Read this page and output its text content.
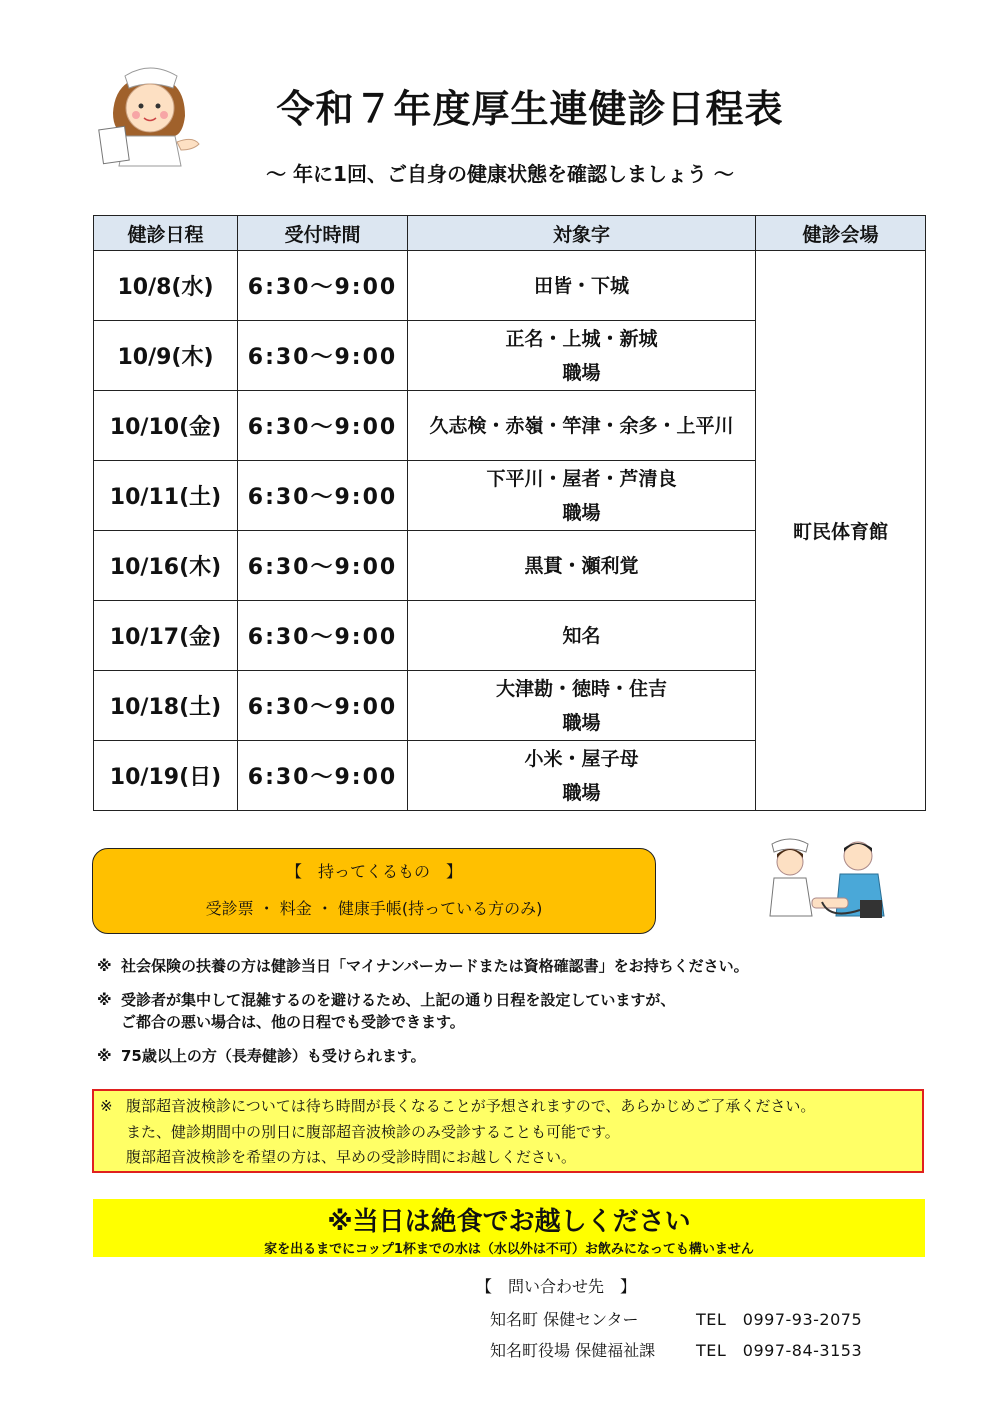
令和７年度厚生連健診日程表
～ 年に1回、ご自身の健康状態を確認しましょう ～
健診日程	受付時間	対象字	健診会場
10/8(水)	6:30～9:00	田皆・下城	町民体育館
10/9(木)	6:30～9:00	正名・上城・新城
職場	

10/10(金)	6:30～9:00	久志検・赤嶺・竿津・余多・上平川	

10/11(土)	6:30～9:00	下平川・屋者・芦清良
職場	

10/16(木)	6:30～9:00	黒貫・瀬利覚	

10/17(金)	6:30～9:00	知名	

10/18(土)	6:30～9:00	大津勘・徳時・住吉
職場	

10/19(日)	6:30～9:00	小米・屋子母
職場	
【　持ってくるもの　】
受診票 ・ 料金 ・ 健康手帳(持っている方のみ)
※ 社会保険の扶養の方は健診当日「マイナンバーカードまたは資格確認書」をお持ちください。
※ 受診者が集中して混雑するのを避けるため、上記の通り日程を設定していますが、
ご都合の悪い場合は、他の日程でも受診できます。
※ 75歳以上の方（長寿健診）も受けられます。
※ 腹部超音波検診については待ち時間が長くなることが予想されますので、あらかじめご了承ください。
また、健診期間中の別日に腹部超音波検診のみ受診することも可能です。
腹部超音波検診を希望の方は、早めの受診時間にお越しください。
※当日は絶食でお越しください
家を出るまでにコップ1杯までの水は（水以外は不可）お飲みになっても構いません
【　問い合わせ先　】
知名町 保健センター	TEL　0997-93-2075
知名町役場 保健福祉課	TEL　0997-84-3153
